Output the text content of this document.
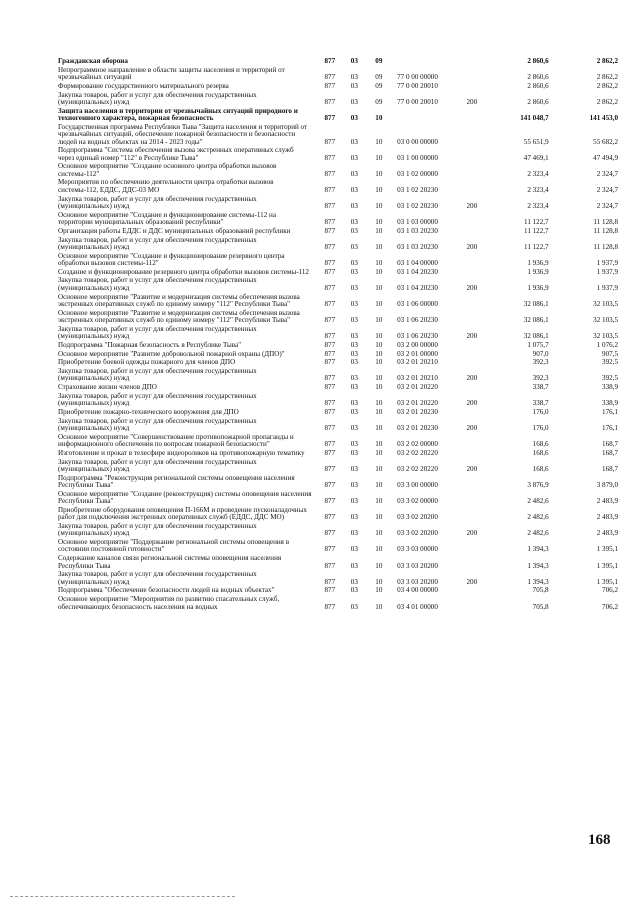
Гражданская оборона	877	03	09			2 860,6	2 862,2
Непрограммное направление в области защиты населения и территорий от чрезвычайных ситуаций	877	03	09	77 0 00 00000		2 860,6	2 862,2
Формирование государственного материального резерва	877	03	09	77 0 00 20010		2 860,6	2 862,2
Закупка товаров, работ и услуг для обеспечения государственных (муниципальных) нужд	877	03	09	77 0 00 20010	200	2 860,6	2 862,2
Защита населения и территории от чрезвычайных ситуаций природного и техногенного характера, пожарная безопасность	877	03	10			141 048,7	141 453,0
Государственная программа Республики Тыва "Защита населения и территорий от чрезвычайных ситуаций, обеспечение пожарной безопасности и безопасности людей на водных объектах на 2014 - 2023 годы"	877	03	10	03 0 00 00000		55 651,9	55 682,2
Подпрограмма "Система обеспечения вызова экстренных оперативных служб через единый номер "112" в Республике Тыва"	877	03	10	03 1 00 00000		47 469,1	47 494,9
Основное мероприятие "Создание основного центра обработки вызовов системы-112"	877	03	10	03 1 02 00000		2 323,4	2 324,7
Мероприятия по обеспечению деятельности центра отработки вызовов системы-112, ЕДДС, ДДС-03 МО	877	03	10	03 1 02 20230		2 323,4	2 324,7
Закупка товаров, работ и услуг для обеспечения государственных (муниципальных) нужд	877	03	10	03 1 02 20230	200	2 323,4	2 324,7
Основное мероприятие "Создание и функционирование системы-112 на территории муниципальных образований республики"	877	03	10	03 1 03 00000		11 122,7	11 128,8
Организация работы ЕДДС и ДДС муниципальных образований республики	877	03	10	03 1 03 20230		11 122,7	11 128,8
Закупка товаров, работ и услуг для обеспечения государственных (муниципальных) нужд	877	03	10	03 1 03 20230	200	11 122,7	11 128,8
Основное мероприятие "Создание и функционирование резервного центра обработки вызовов системы-112"	877	03	10	03 1 04 00000		1 936,9	1 937,9
Создание и функционирование резервного центра обработки вызовов системы-112	877	03	10	03 1 04 20230		1 936,9	1 937,9
Закупка товаров, работ и услуг для обеспечения государственных (муниципальных) нужд	877	03	10	03 1 04 20230	200	1 936,9	1 937,9
Основное мероприятие "Развитие и модернизация системы обеспечения вызова экстренных оперативных служб по единому номеру "112" Республики Тыва"	877	03	10	03 1 06 00000		32 086,1	32 103,5
Основное мероприятие "Развитие и модернизация системы обеспечения вызова экстренных оперативных служб по единому номеру "112" Республики Тыва"	877	03	10	03 1 06 20230		32 086,1	32 103,5
Закупка товаров, работ и услуг для обеспечения государственных (муниципальных) нужд	877	03	10	03 1 06 20230	200	32 086,1	32 103,5
Подпрограмма "Пожарная безопасность в Республике Тыва"	877	03	10	03 2 00 00000		1 075,7	1 076,2
Основное мероприятие "Развитие добровольной пожарной охраны (ДПО)"	877	03	10	03 2 01 00000		907,0	907,5
Приобретение боевой одежды пожарного для членов ДПО	877	03	10	03 2 01 20210		392,3	392,5
Закупка товаров, работ и услуг для обеспечения государственных (муниципальных) нужд	877	03	10	03 2 01 20210	200	392,3	392,5
Страхование жизни членов ДПО	877	03	10	03 2 01 20220		338,7	338,9
Закупка товаров, работ и услуг для обеспечения государственных (муниципальных) нужд	877	03	10	03 2 01 20220	200	338,7	338,9
Приобретение пожарно-технического вооружения для ДПО	877	03	10	03 2 01 20230		176,0	176,1
Закупка товаров, работ и услуг для обеспечения государственных (муниципальных) нужд	877	03	10	03 2 01 20230	200	176,0	176,1
Основное мероприятие "Совершенствование противопожарной пропаганды и информационного обеспечения по вопросам пожарной безопасности"	877	03	10	03 2 02 00000		168,6	168,7
Изготовление и прокат в телесфире видеороликов на противопожарную тематику	877	03	10	03 2 02 20220		168,6	168,7
Закупка товаров, работ и услуг для обеспечения государственных (муниципальных) нужд	877	03	10	03 2 02 20220	200	168,6	168,7
Подпрограмма "Реконструкция региональной системы оповещения населения Республики Тыва"	877	03	10	03 3 00 00000		3 876,9	3 879,0
Основное мероприятие "Создание (реконструкция) системы оповещения населения Республики Тыва"	877	03	10	03 3 02 00000		2 482,6	2 483,9
Приобретение оборудования оповещения П-166М и проведение пусконаладочных работ для подключения экстренных оперативных служб (ЕДДС, ДДС МО)	877	03	10	03 3 02 20200		2 482,6	2 483,9
Закупка товаров, работ и услуг для обеспечения государственных (муниципальных) нужд	877	03	10	03 3 02 20200	200	2 482,6	2 483,9
Основное мероприятие "Поддержание региональной системы оповещения в состоянии постоянной готовности"	877	03	10	03 3 03 00000		1 394,3	1 395,1
Содержание каналов связи региональной системы оповещения населения Республики Тыва	877	03	10	03 3 03 20200		1 394,3	1 395,1
Закупка товаров, работ и услуг для обеспечения государственных (муниципальных) нужд	877	03	10	03 3 03 20200	200	1 394,3	1 395,1
Подпрограмма "Обеспечение безопасности людей на водных объектах"	877	03	10	03 4 00 00000		705,8	706,2
Основное мероприятие "Мероприятия по развитию спасательных служб, обеспечивающих безопасность населения на водных	877	03	10	03 4 01 00000		705,8	706,2
168
